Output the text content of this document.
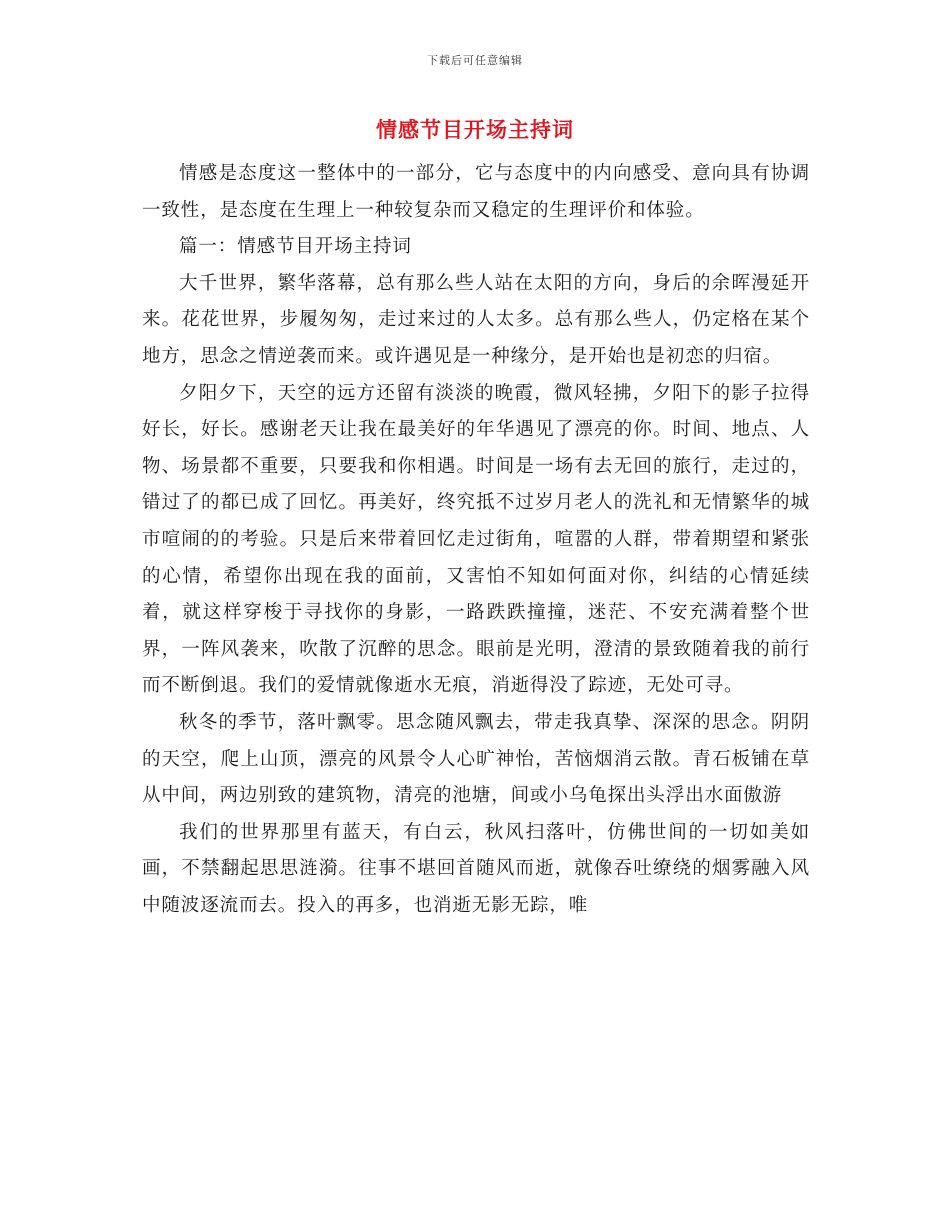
下载后可任意编辑
情感节目开场主持词

情感是态度这一整体中的一部分，它与态度中的内向感受、意向具有协调一致性，是态度在生理上一种较复杂而又稳定的生理评价和体验。

篇一：情感节目开场主持词

大千世界，繁华落幕，总有那么些人站在太阳的方向，身后的余晖漫延开来。花花世界，步履匆匆，走过来过的人太多。总有那么些人，仍定格在某个地方，思念之情逆袭而来。或许遇见是一种缘分，是开始也是初恋的归宿。

夕阳夕下，天空的远方还留有淡淡的晚霞，微风轻拂，夕阳下的影子拉得好长，好长。感谢老天让我在最美好的年华遇见了漂亮的你。时间、地点、人物、场景都不重要，只要我和你相遇。时间是一场有去无回的旅行，走过的，错过了的都已成了回忆。再美好，终究抵不过岁月老人的洗礼和无情繁华的城市喧闹的的考验。只是后来带着回忆走过街角，喧嚣的人群，带着期望和紧张的心情，希望你出现在我的面前，又害怕不知如何面对你，纠结的心情延续着，就这样穿梭于寻找你的身影，一路跌跌撞撞，迷茫、不安充满着整个世界，一阵风袭来，吹散了沉醉的思念。眼前是光明，澄清的景致随着我的前行而不断倒退。我们的爱情就像逝水无痕，消逝得没了踪迹，无处可寻。

秋冬的季节，落叶飘零。思念随风飘去，带走我真挚、深深的思念。阴阴的天空，爬上山顶，漂亮的风景令人心旷神怡，苦恼烟消云散。青石板铺在草从中间，两边别致的建筑物，清亮的池塘，间或小乌龟探出头浮出水面傲游

我们的世界那里有蓝天，有白云，秋风扫落叶，仿佛世间的一切如美如画，不禁翻起思思涟漪。往事不堪回首随风而逝，就像吞吐缭绕的烟雾融入风中随波逐流而去。投入的再多，也消逝无影无踪，唯
